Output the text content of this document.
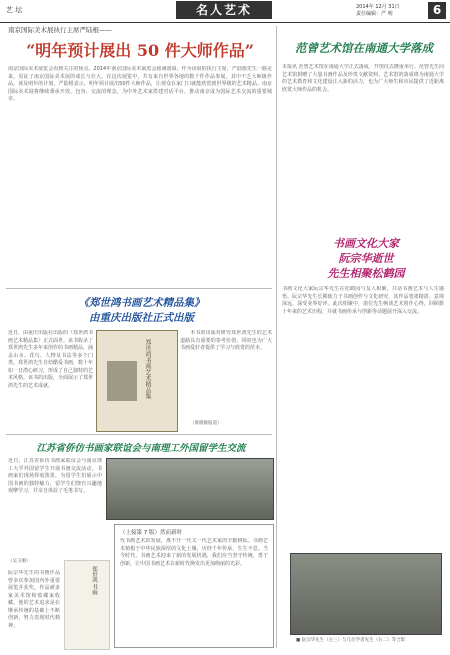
艺 坛	名人艺术	2014年 12月 31日
责任编辑：严 明	6
南京国际美术展执行主席严陆根——
“明年预计展出 50 件大师作品”
南京国际美术展览会看到关注的焦点。2014年南京国际美术展览会圆满落幕，作为该展的执行主席，严陆根先生一路走来，见证了南京国际美术展的成长与壮大。在这次展览中，共有来自世界各地的数千件作品参展，其中不乏大师级作品。谈及明年的计划，严陆根表示，明年预计展出50件大师作品，让观众在家门口就能欣赏到世界级的艺术精品。南京国际美术展将继续秉承开放、包容、交流的理念，为中外艺术家搭建对话平台，推动南京成为国际艺术交流的重要城市。
范曾艺术馆在南通大学落成
本报讯 范曾艺术馆在南通大学正式落成，开馆仪式隆重举行。范曾先生向艺术馆捐赠了大量书画作品及珍贵文献资料，艺术馆的落成将为南通大学的艺术教育和文化建设注入新的活力，也为广大师生和市民提供了近距离欣赏大师作品的机会。
书画文化大家
阮宗华逝世
先生相聚松鹤园
书画文化大家阮宗华先生在松鹤园与友人相聚，共话书画艺术与人生感悟。阮宗华先生长期致力于书画创作与文化研究，其作品笔墨精湛、意境深远，深受业界好评。此次相聚中，诸位先生畅谈艺术创作心得，回顾数十年来的艺术历程，并就书画传承与创新等话题展开深入交流。
■ 阮宗华先生（左三）与几位学者先生（右二）等合影
《郑世鸿书画艺术精品集》
由重庆出版社正式出版
近日，由重庆出版社出版的《郑世鸿书画艺术精品集》正式面世。该书收录了郑世鸿先生多年来创作的书画精品，涵盖山水、花鸟、人物及书法等多个门类。郑世鸿先生自幼酷爱书画，数十年如一日潜心研习，形成了自己独特的艺术风格。该书的出版，全面展示了郑世鸿先生的艺术成就。	郑世鸿书画艺术精品集
　　本书的出版对研究郑世鸿先生的艺术道路具有重要的参考价值，同时也为广大书画爱好者提供了学习与欣赏的范本。
（康晓敏报道）
江苏省侨仿书画家联谊会与南理工外国留学生交流
近日，江苏省侨仿书画家联谊会与南京理工大学外国留学生开展书画交流活动。书画家们现场挥毫泼墨，为留学生们展示中国书画的独特魅力，留学生们饶有兴趣地观摩学习，并亲自体验了毛笔书写。
（吴玉刚）
（上接第 7 版）然而新时
代书画艺术的发展，离不开一代又一代艺术家的辛勤耕耘。书画艺术植根于中华民族深厚的文化土壤，历经千年传承，生生不息。当今时代，书画艺术迎来了新的发展机遇，我们应当坚守传统、勇于创新，让中国书画艺术在新时代焕发出更加绚丽的光彩。
郑世鸿 书画
阮宗华先生的书画作品曾多次参加国内外重要展览并获奖，作品被多家美术馆和收藏家收藏。他的艺术追求是在继承传统的基础上不断创新，努力表现时代精神。
